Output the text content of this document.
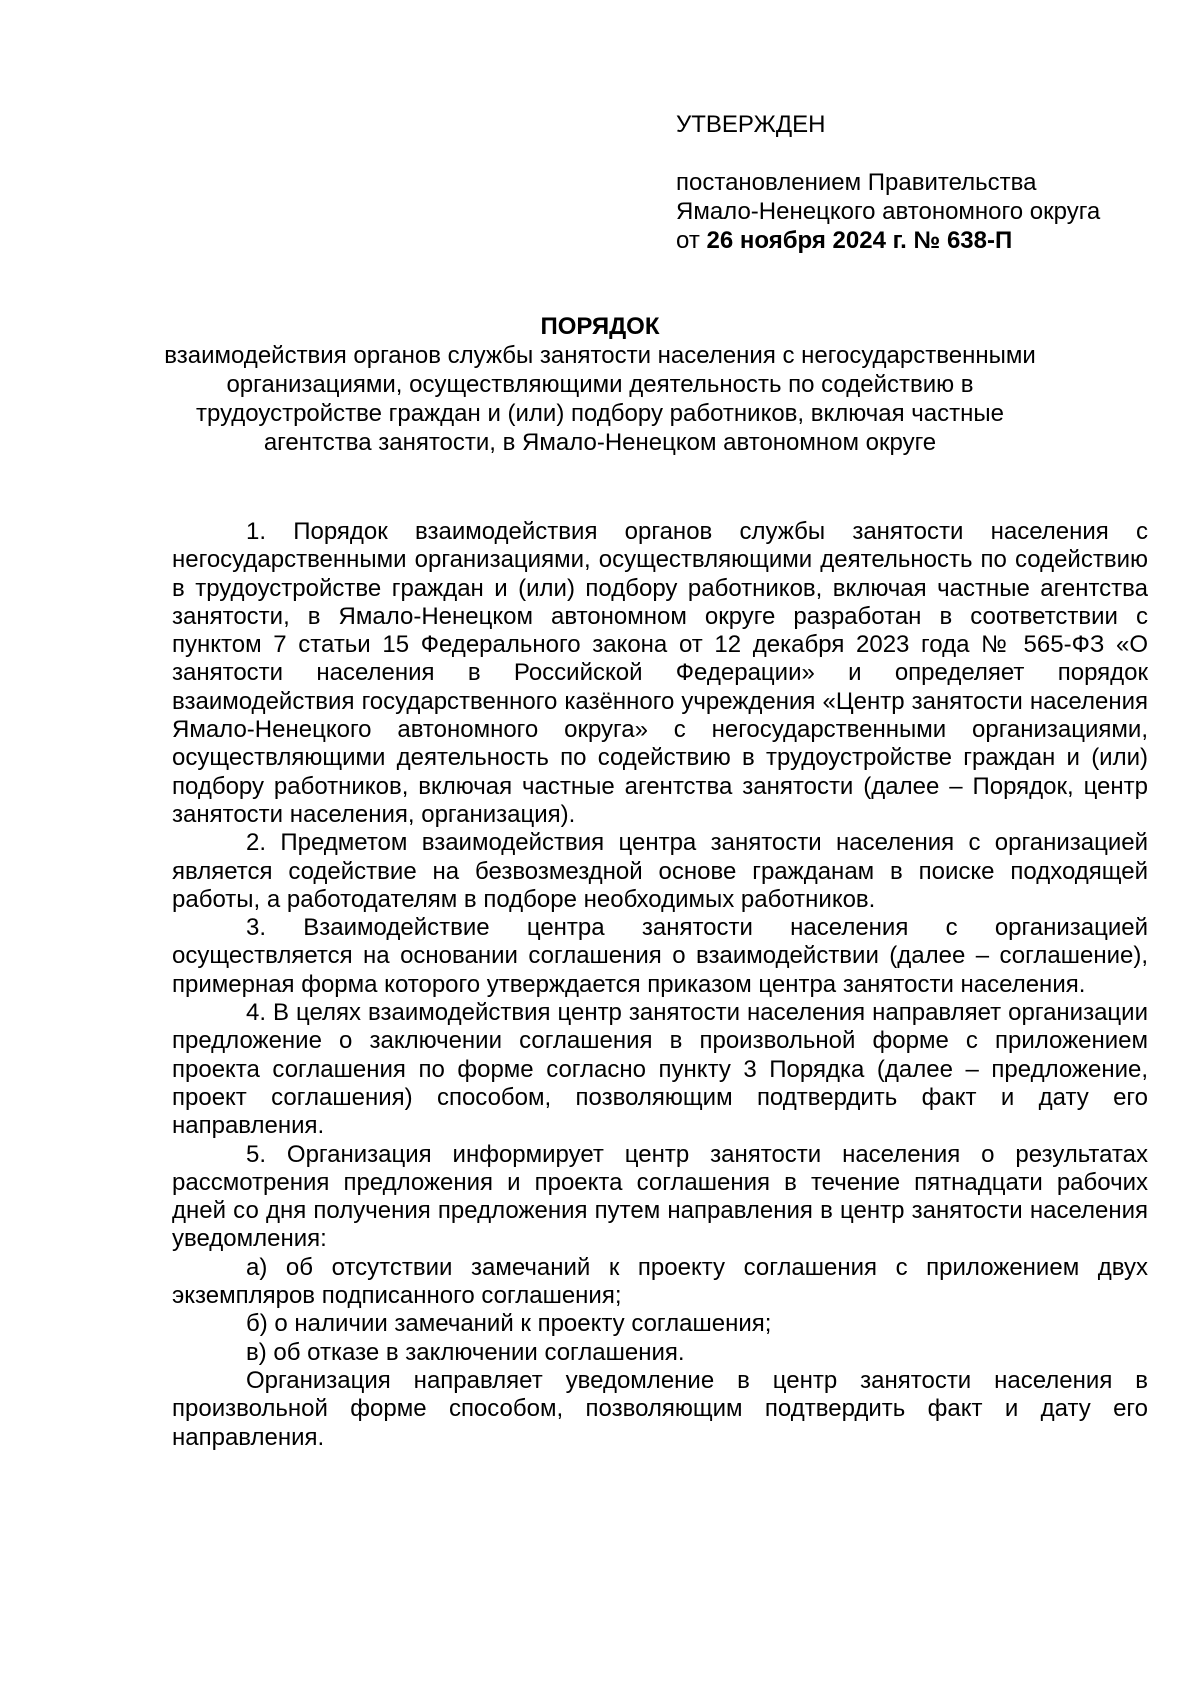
УТВЕРЖДЕН
постановлением Правительства
Ямало-Ненецкого автономного округа
от 26 ноября 2024 г. № 638-П
ПОРЯДОК
взаимодействия органов службы занятости населения с негосударственными организациями, осуществляющими деятельность по содействию в трудоустройстве граждан и (или) подбору работников, включая частные агентства занятости, в Ямало-Ненецком автономном округе

1. Порядок взаимодействия органов службы занятости населения с негосударственными организациями, осуществляющими деятельность по содействию в трудоустройстве граждан и (или) подбору работников, включая частные агентства занятости, в Ямало-Ненецком автономном округе разработан в соответствии с пунктом 7 статьи 15 Федерального закона от 12 декабря 2023 года № 565-ФЗ «О занятости населения в Российской Федерации» и определяет порядок взаимодействия государственного казённого учреждения «Центр занятости населения Ямало-Ненецкого автономного округа» с негосударственными организациями, осуществляющими деятельность по содействию в трудоустройстве граждан и (или) подбору работников, включая частные агентства занятости (далее – Порядок, центр занятости населения, организация).

2. Предметом взаимодействия центра занятости населения с организацией является содействие на безвозмездной основе гражданам в поиске подходящей работы, а работодателям в подборе необходимых работников.

3. Взаимодействие центра занятости населения с организацией осуществляется на основании соглашения о взаимодействии (далее – соглашение), примерная форма которого утверждается приказом центра занятости населения.

4. В целях взаимодействия центр занятости населения направляет организации предложение о заключении соглашения в произвольной форме с приложением проекта соглашения по форме согласно пункту 3 Порядка (далее – предложение, проект соглашения) способом, позволяющим подтвердить факт и дату его направления.

5. Организация информирует центр занятости населения о результатах рассмотрения предложения и проекта соглашения в течение пятнадцати рабочих дней со дня получения предложения путем направления в центр занятости населения уведомления:

а) об отсутствии замечаний к проекту соглашения с приложением двух экземпляров подписанного соглашения;

б) о наличии замечаний к проекту соглашения;

в) об отказе в заключении соглашения.

Организация направляет уведомление в центр занятости населения в произвольной форме способом, позволяющим подтвердить факт и дату его направления.
